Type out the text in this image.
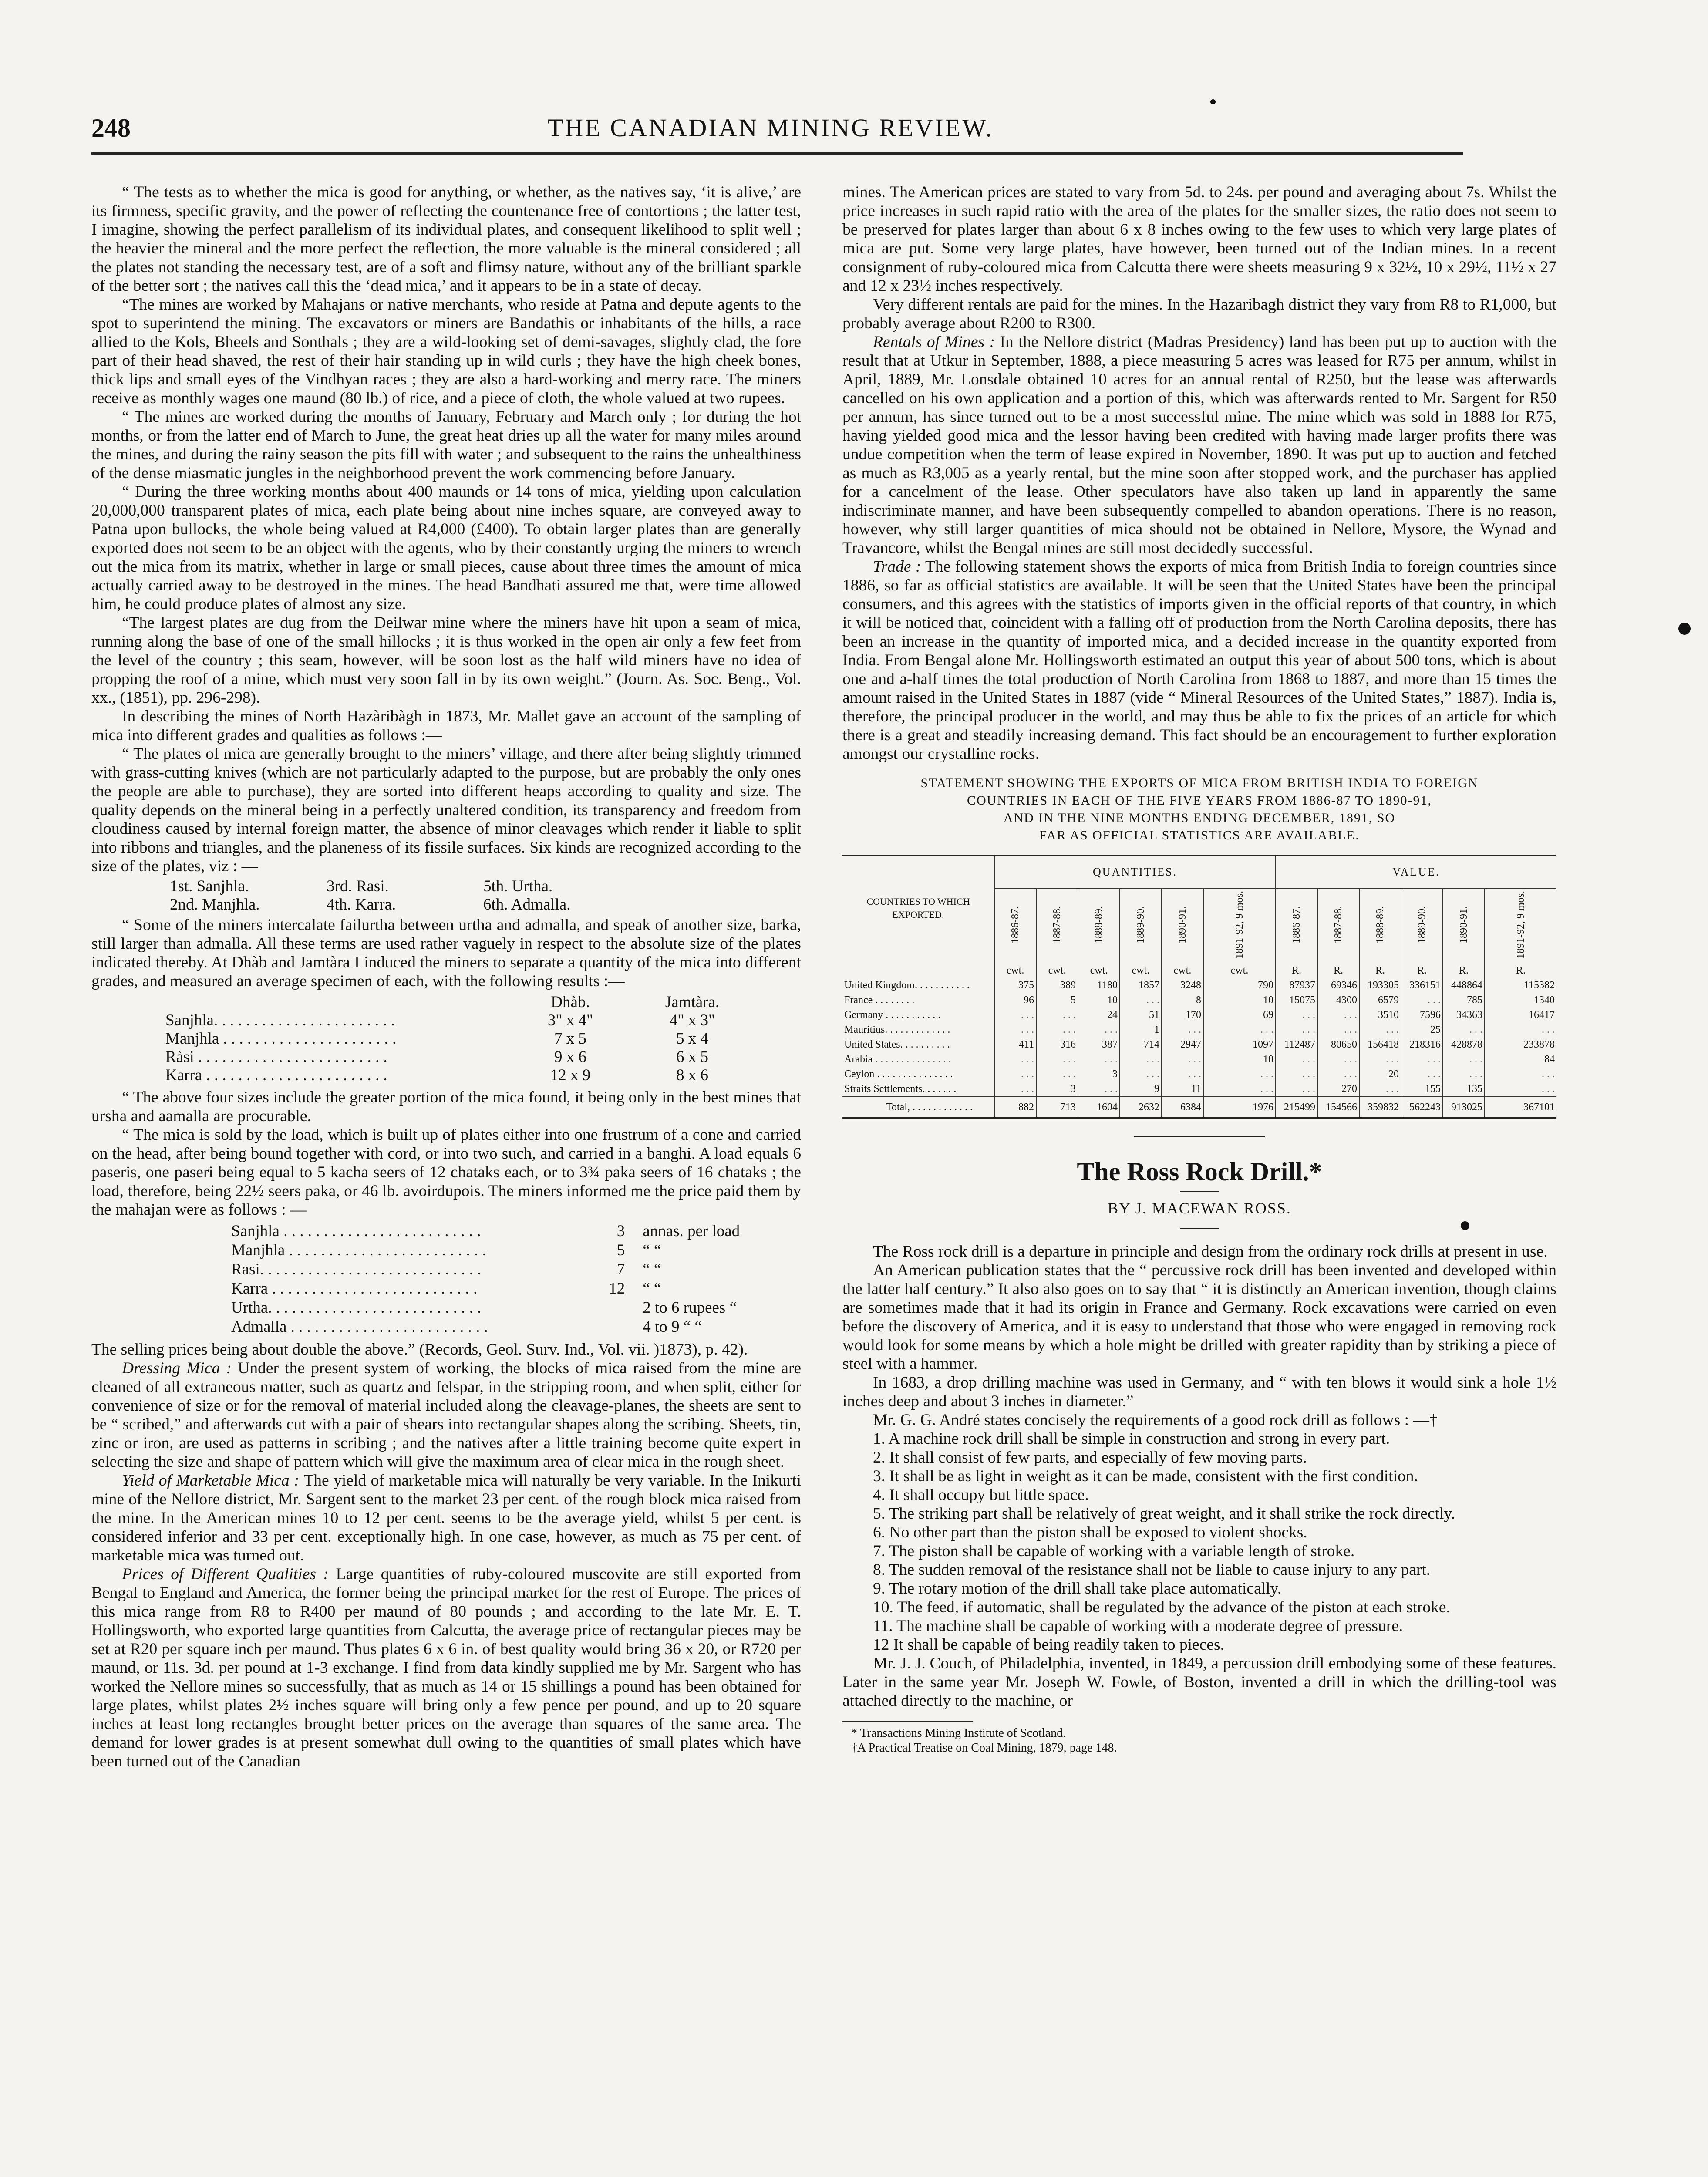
248	THE CANADIAN MINING REVIEW.

“ The tests as to whether the mica is good for anything, or whether, as the natives say, ‘it is alive,’ are its firmness, specific gravity, and the power of reflecting the countenance free of contortions ; the latter test, I imagine, showing the perfect parallelism of its individual plates, and consequent likelihood to split well ; the heavier the mineral and the more perfect the reflection, the more valuable is the mineral considered ; all the plates not standing the necessary test, are of a soft and flimsy nature, without any of the brilliant sparkle of the better sort ; the natives call this the ‘dead mica,’ and it appears to be in a state of decay.

“The mines are worked by Mahajans or native merchants, who reside at Patna and depute agents to the spot to superintend the mining. The excavators or miners are Bandathis or inhabitants of the hills, a race allied to the Kols, Bheels and Sonthals ; they are a wild-looking set of demi-savages, slightly clad, the fore part of their head shaved, the rest of their hair standing up in wild curls ; they have the high cheek bones, thick lips and small eyes of the Vindhyan races ; they are also a hard-working and merry race. The miners receive as monthly wages one maund (80 lb.) of rice, and a piece of cloth, the whole valued at two rupees.

“ The mines are worked during the months of January, February and March only ; for during the hot months, or from the latter end of March to June, the great heat dries up all the water for many miles around the mines, and during the rainy season the pits fill with water ; and subsequent to the rains the unhealthiness of the dense miasmatic jungles in the neighborhood prevent the work commencing before January.

“ During the three working months about 400 maunds or 14 tons of mica, yielding upon calculation 20,000,000 transparent plates of mica, each plate being about nine inches square, are conveyed away to Patna upon bullocks, the whole being valued at R4,000 (£400). To obtain larger plates than are generally exported does not seem to be an object with the agents, who by their constantly urging the miners to wrench out the mica from its matrix, whether in large or small pieces, cause about three times the amount of mica actually carried away to be destroyed in the mines. The head Bandhati assured me that, were time allowed him, he could produce plates of almost any size.

“The largest plates are dug from the Deilwar mine where the miners have hit upon a seam of mica, running along the base of one of the small hillocks ; it is thus worked in the open air only a few feet from the level of the country ; this seam, however, will be soon lost as the half wild miners have no idea of propping the roof of a mine, which must very soon fall in by its own weight.” (Journ. As. Soc. Beng., Vol. xx., (1851), pp. 296-298).

In describing the mines of North Hazàribàgh in 1873, Mr. Mallet gave an account of the sampling of mica into different grades and qualities as follows :—

“ The plates of mica are generally brought to the miners’ village, and there after being slightly trimmed with grass-cutting knives (which are not particularly adapted to the purpose, but are probably the only ones the people are able to purchase), they are sorted into different heaps according to quality and size. The quality depends on the mineral being in a perfectly unaltered condition, its transparency and freedom from cloudiness caused by internal foreign matter, the absence of minor cleavages which render it liable to split into ribbons and triangles, and the planeness of its fissile surfaces. Six kinds are recognized according to the size of the plates, viz : —

1st. Sanjhla.	3rd. Rasi.	5th. Urtha.
2nd. Manjhla.	4th. Karra.	6th. Admalla.

“ Some of the miners intercalate failurtha between urtha and admalla, and speak of another size, barka, still larger than admalla. All these terms are used rather vaguely in respect to the absolute size of the plates indicated thereby. At Dhàb and Jamtàra I induced the miners to separate a quantity of the mica into different grades, and measured an average specimen of each, with the following results :—

	Dhàb.	Jamtàra.
Sanjhla. . . . . . . . . . . . . . . . . . . . . . .	3" x 4"	4" x 3"
Manjhla . . . . . . . . . . . . . . . . . . . . . .	7 x 5	5 x 4
Ràsi . . . . . . . . . . . . . . . . . . . . . . . .	9 x 6	6 x 5
Karra . . . . . . . . . . . . . . . . . . . . . . .	12 x 9	8 x 6

“ The above four sizes include the greater portion of the mica found, it being only in the best mines that ursha and aamalla are procurable.

“ The mica is sold by the load, which is built up of plates either into one frustrum of a cone and carried on the head, after being bound together with cord, or into two such, and carried in a banghi. A load equals 6 paseris, one paseri being equal to 5 kacha seers of 12 chataks each, or to 3¾ paka seers of 16 chataks ; the load, therefore, being 22½ seers paka, or 46 lb. avoirdupois. The miners informed me the price paid them by the mahajan were as follows : —

Sanjhla . . . . . . . . . . . . . . . . . . . . . . . . .	3	annas. per load
Manjhla . . . . . . . . . . . . . . . . . . . . . . . . .	5	“ “
Rasi. . . . . . . . . . . . . . . . . . . . . . . . . . . .	7	“ “
Karra . . . . . . . . . . . . . . . . . . . . . . . . . .	12	“ “
Urtha. . . . . . . . . . . . . . . . . . . . . . . . . . .		2 to 6 rupees “
Admalla . . . . . . . . . . . . . . . . . . . . . . . . .		4 to 9 “ “

The selling prices being about double the above.” (Records, Geol. Surv. Ind., Vol. vii. )1873), p. 42).

Dressing Mica : Under the present system of working, the blocks of mica raised from the mine are cleaned of all extraneous matter, such as quartz and felspar, in the stripping room, and when split, either for convenience of size or for the removal of material included along the cleavage-planes, the sheets are sent to be “ scribed,” and afterwards cut with a pair of shears into rectangular shapes along the scribing. Sheets, tin, zinc or iron, are used as patterns in scribing ; and the natives after a little training become quite expert in selecting the size and shape of pattern which will give the maximum area of clear mica in the rough sheet.

Yield of Marketable Mica : The yield of marketable mica will naturally be very variable. In the Inikurti mine of the Nellore district, Mr. Sargent sent to the market 23 per cent. of the rough block mica raised from the mine. In the American mines 10 to 12 per cent. seems to be the average yield, whilst 5 per cent. is considered inferior and 33 per cent. exceptionally high. In one case, however, as much as 75 per cent. of marketable mica was turned out.

Prices of Different Qualities : Large quantities of ruby-coloured muscovite are still exported from Bengal to England and America, the former being the principal market for the rest of Europe. The prices of this mica range from R8 to R400 per maund of 80 pounds ; and according to the late Mr. E. T. Hollingsworth, who exported large quantities from Calcutta, the average price of rectangular pieces may be set at R20 per square inch per maund. Thus plates 6 x 6 in. of best quality would bring 36 x 20, or R720 per maund, or 11s. 3d. per pound at 1-3 exchange. I find from data kindly supplied me by Mr. Sargent who has worked the Nellore mines so successfully, that as much as 14 or 15 shillings a pound has been obtained for large plates, whilst plates 2½ inches square will bring only a few pence per pound, and up to 20 square inches at least long rectangles brought better prices on the average than squares of the same area. The demand for lower grades is at present somewhat dull owing to the quantities of small plates which have been turned out of the Canadian

mines. The American prices are stated to vary from 5d. to 24s. per pound and averaging about 7s. Whilst the price increases in such rapid ratio with the area of the plates for the smaller sizes, the ratio does not seem to be preserved for plates larger than about 6 x 8 inches owing to the few uses to which very large plates of mica are put. Some very large plates, have however, been turned out of the Indian mines. In a recent consignment of ruby-coloured mica from Calcutta there were sheets measuring 9 x 32½, 10 x 29½, 11½ x 27 and 12 x 23½ inches respectively.

Very different rentals are paid for the mines. In the Hazaribagh district they vary from R8 to R1,000, but probably average about R200 to R300.

Rentals of Mines : In the Nellore district (Madras Presidency) land has been put up to auction with the result that at Utkur in September, 1888, a piece measuring 5 acres was leased for R75 per annum, whilst in April, 1889, Mr. Lonsdale obtained 10 acres for an annual rental of R250, but the lease was afterwards cancelled on his own application and a portion of this, which was afterwards rented to Mr. Sargent for R50 per annum, has since turned out to be a most successful mine. The mine which was sold in 1888 for R75, having yielded good mica and the lessor having been credited with having made larger profits there was undue competition when the term of lease expired in November, 1890. It was put up to auction and fetched as much as R3,005 as a yearly rental, but the mine soon after stopped work, and the purchaser has applied for a cancelment of the lease. Other speculators have also taken up land in apparently the same indiscriminate manner, and have been subsequently compelled to abandon operations. There is no reason, however, why still larger quantities of mica should not be obtained in Nellore, Mysore, the Wynad and Travancore, whilst the Bengal mines are still most decidedly successful.

Trade : The following statement shows the exports of mica from British India to foreign countries since 1886, so far as official statistics are available. It will be seen that the United States have been the principal consumers, and this agrees with the statistics of imports given in the official reports of that country, in which it will be noticed that, coincident with a falling off of production from the North Carolina deposits, there has been an increase in the quantity of imported mica, and a decided increase in the quantity exported from India. From Bengal alone Mr. Hollingsworth estimated an output this year of about 500 tons, which is about one and a-half times the total production of North Carolina from 1868 to 1887, and more than 15 times the amount raised in the United States in 1887 (vide “ Mineral Resources of the United States,” 1887). India is, therefore, the principal producer in the world, and may thus be able to fix the prices of an article for which there is a great and steadily increasing demand. This fact should be an encouragement to further exploration amongst our crystalline rocks.

STATEMENT SHOWING THE EXPORTS OF MICA FROM BRITISH INDIA TO FOREIGN
COUNTRIES IN EACH OF THE FIVE YEARS FROM 1886-87 TO 1890-91,
AND IN THE NINE MONTHS ENDING DECEMBER, 1891, SO
FAR AS OFFICIAL STATISTICS ARE AVAILABLE.
COUNTRIES TO WHICH EXPORTED.	QUANTITIES.						VALUE.					
	1886-87.	1887-88.	1888-89.	1889-90.	1890-91.	1891-92, 9 mos.	1886-87.	1887-88.	1888-89.	1889-90.	1890-91.	1891-92, 9 mos.
	cwt.	cwt.	cwt.	cwt.	cwt.	cwt.	R.	R.	R.	R.	R.	R.
United Kingdom. . . . . . . . . . .	375	389	1180	1857	3248	790	87937	69346	193305	336151	448864	115382
France . . . . . . . .	96	5	10	. . .	8	10	15075	4300	6579	. . .	785	1340
Germany . . . . . . . . . . .	. . .	. . .	24	51	170	69	. . .	. . .	3510	7596	34363	16417
Mauritius. . . . . . . . . . . . .	. . .	. . .	. . .	1	. . .	. . .	. . .	. . .	. . .	25	. . .	. . .
United States. . . . . . . . . .	411	316	387	714	2947	1097	112487	80650	156418	218316	428878	233878
Arabia . . . . . . . . . . . . . . .	. . .	. . .	. . .	. . .	. . .	10	. . .	. . .	. . .	. . .	. . .	84
Ceylon . . . . . . . . . . . . . . .	. . .	. . .	3	. . .	. . .	. . .	. . .	. . .	20	. . .	. . .	. . .
Straits Settlements. . . . . . .	. . .	3	. . .	9	11	. . .	. . .	270	. . .	155	135	. . .
Total, . . . . . . . . . . . .	882	713	1604	2632	6384	1976	215499	154566	359832	562243	913025	367101
The Ross Rock Drill.*
BY J. MACEWAN ROSS.

The Ross rock drill is a departure in principle and design from the ordinary rock drills at present in use.

An American publication states that the “ percussive rock drill has been invented and developed within the latter half century.” It also also goes on to say that “ it is distinctly an American invention, though claims are sometimes made that it had its origin in France and Germany. Rock excavations were carried on even before the discovery of America, and it is easy to understand that those who were engaged in removing rock would look for some means by which a hole might be drilled with greater rapidity than by striking a piece of steel with a hammer.

In 1683, a drop drilling machine was used in Germany, and “ with ten blows it would sink a hole 1½ inches deep and about 3 inches in diameter.”

Mr. G. G. André states concisely the requirements of a good rock drill as follows : —†

1. A machine rock drill shall be simple in construction and strong in every part.

2. It shall consist of few parts, and especially of few moving parts.

3. It shall be as light in weight as it can be made, consistent with the first condition.

4. It shall occupy but little space.

5. The striking part shall be relatively of great weight, and it shall strike the rock directly.

6. No other part than the piston shall be exposed to violent shocks.

7. The piston shall be capable of working with a variable length of stroke.

8. The sudden removal of the resistance shall not be liable to cause injury to any part.

9. The rotary motion of the drill shall take place automatically.

10. The feed, if automatic, shall be regulated by the advance of the piston at each stroke.

11. The machine shall be capable of working with a moderate degree of pressure.

12 It shall be capable of being readily taken to pieces.

Mr. J. J. Couch, of Philadelphia, invented, in 1849, a percussion drill embodying some of these features. Later in the same year Mr. Joseph W. Fowle, of Boston, invented a drill in which the drilling-tool was attached directly to the machine, or

* Transactions Mining Institute of Scotland.

†A Practical Treatise on Coal Mining, 1879, page 148.
